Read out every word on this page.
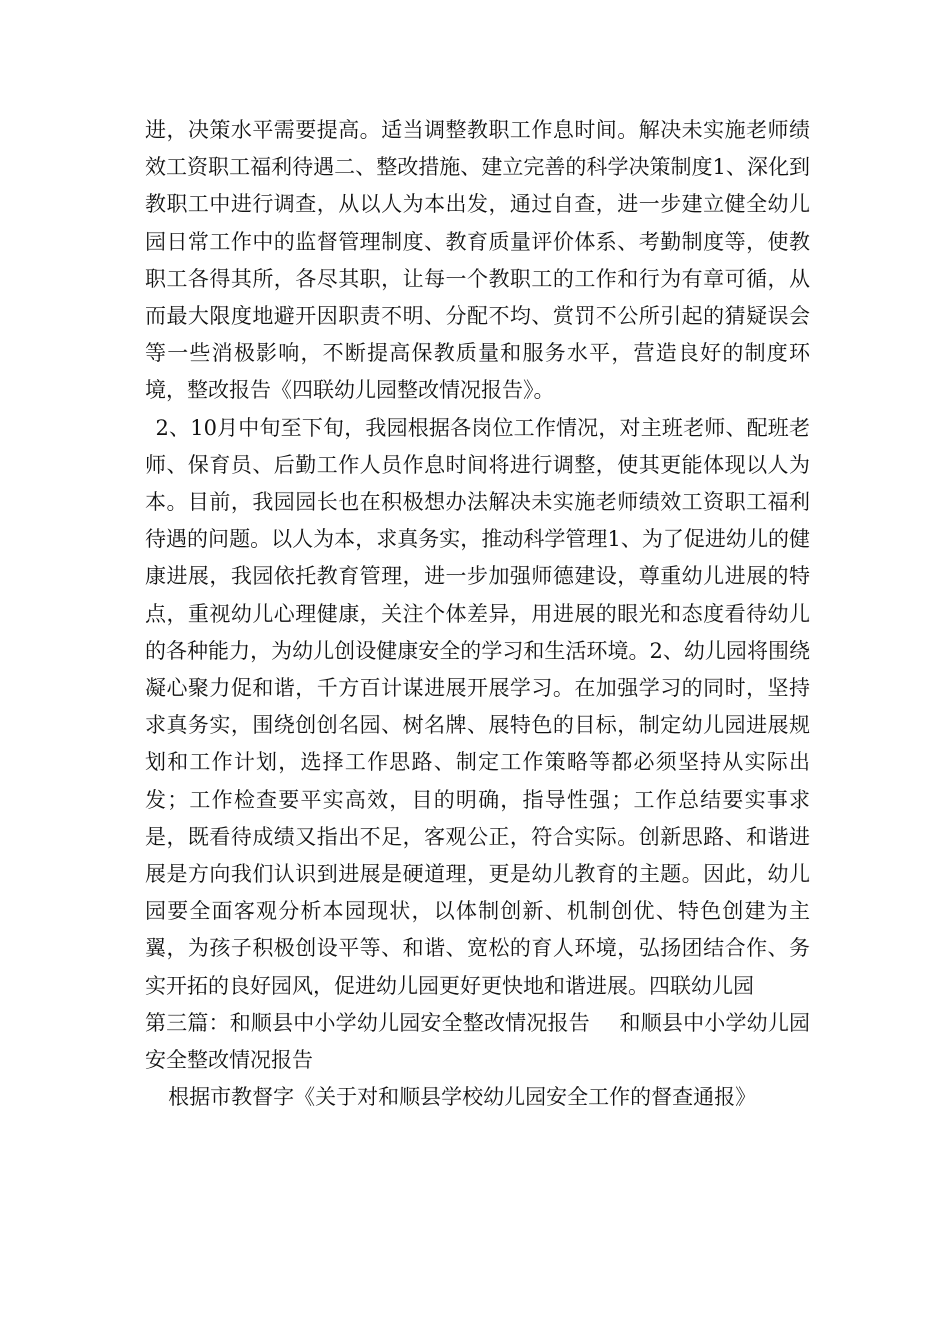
进，决策水平需要提高。适当调整教职工作息时间。解决未实施老师绩效工资职工福利待遇二、整改措施、建立完善的科学决策制度1、深化到教职工中进行调查，从以人为本出发，通过自查，进一步建立健全幼儿园日常工作中的监督管理制度、教育质量评价体系、考勤制度等，使教职工各得其所，各尽其职，让每一个教职工的工作和行为有章可循，从而最大限度地避开因职责不明、分配不均、赏罚不公所引起的猜疑误会等一些消极影响，不断提高保教质量和服务水平，营造良好的制度环境，整改报告《四联幼儿园整改情况报告》。

2、10月中旬至下旬，我园根据各岗位工作情况，对主班老师、配班老师、保育员、后勤工作人员作息时间将进行调整，使其更能体现以人为本。目前，我园园长也在积极想办法解决未实施老师绩效工资职工福利待遇的问题。以人为本，求真务实，推动科学管理1、为了促进幼儿的健康进展，我园依托教育管理，进一步加强师德建设，尊重幼儿进展的特点，重视幼儿心理健康，关注个体差异，用进展的眼光和态度看待幼儿的各种能力，为幼儿创设健康安全的学习和生活环境。2、幼儿园将围绕凝心聚力促和谐，千方百计谋进展开展学习。在加强学习的同时，坚持求真务实，围绕创创名园、树名牌、展特色的目标，制定幼儿园进展规划和工作计划，选择工作思路、制定工作策略等都必须坚持从实际出发；工作检查要平实高效，目的明确，指导性强；工作总结要实事求是，既看待成绩又指出不足，客观公正，符合实际。创新思路、和谐进展是方向我们认识到进展是硬道理，更是幼儿教育的主题。因此，幼儿园要全面客观分析本园现状，以体制创新、机制创优、特色创建为主翼，为孩子积极创设平等、和谐、宽松的育人环境，弘扬团结合作、务实开拓的良好园风，促进幼儿园更好更快地和谐进展。四联幼儿园

第三篇：和顺县中小学幼儿园安全整改情况报告 和顺县中小学幼儿园安全整改情况报告

根据市教督字《关于对和顺县学校幼儿园安全工作的督查通报》
